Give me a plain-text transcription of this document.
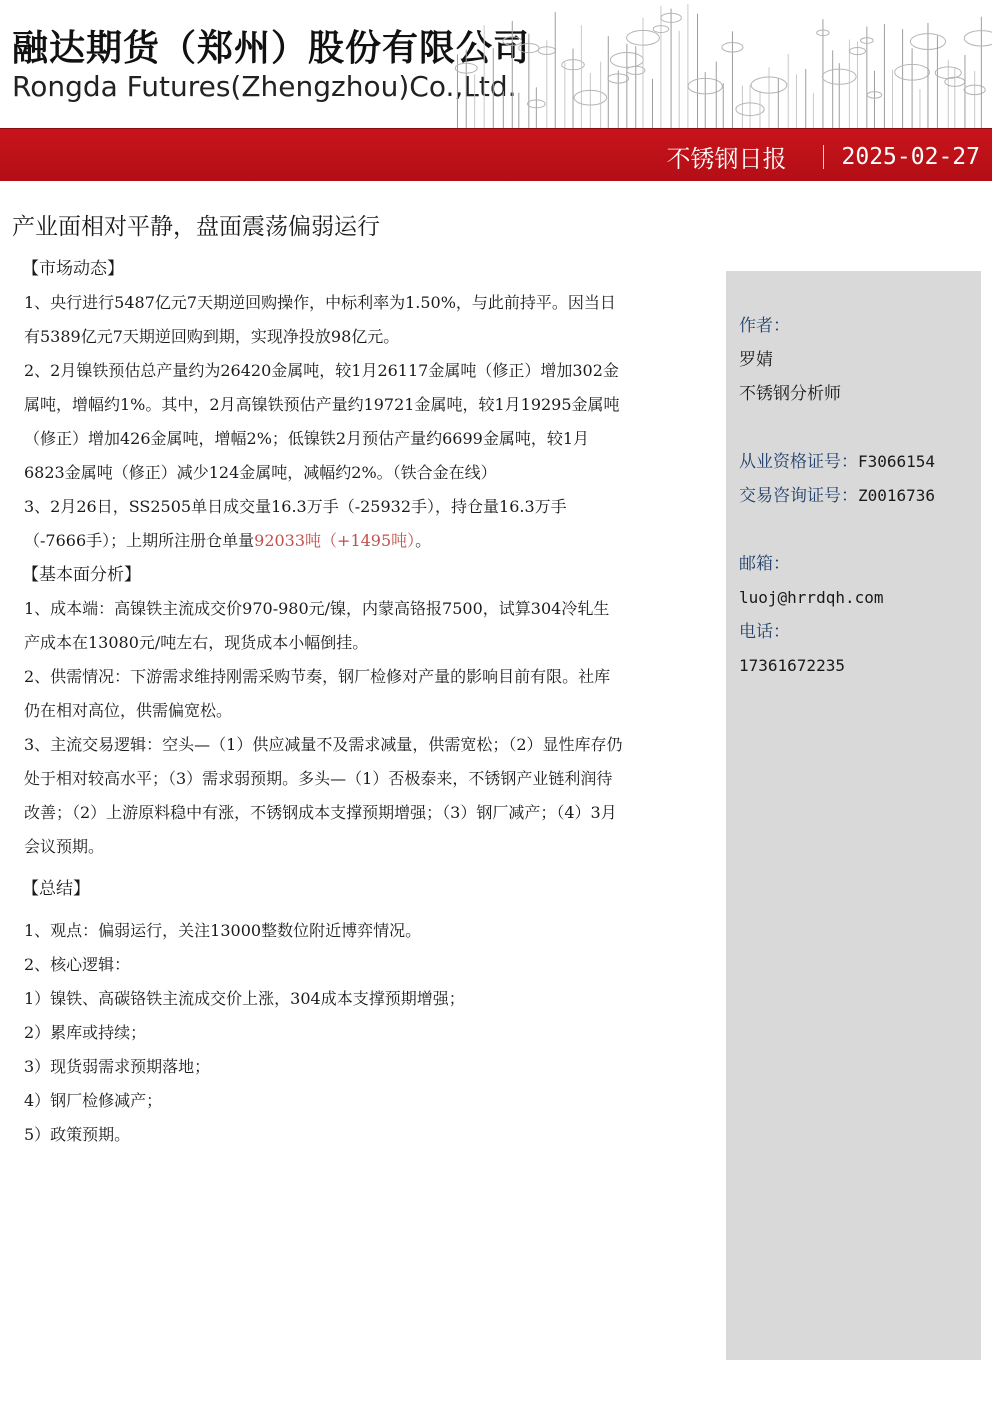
融达期货（郑州）股份有限公司
Rongda Futures(Zhengzhou)Co.,Ltd.
不锈钢日报 2025-02-27
产业面相对平静，盘面震荡偏弱运行
【市场动态】

1、央行进行5487亿元7天期逆回购操作，中标利率为1.50%，与此前持平。因当日有5389亿元7天期逆回购到期，实现净投放98亿元。

2、2月镍铁预估总产量约为26420金属吨，较1月26117金属吨（修正）增加302金属吨，增幅约1%。其中，2月高镍铁预估产量约19721金属吨，较1月19295金属吨（修正）增加426金属吨，增幅2%；低镍铁2月预估产量约6699金属吨，较1月6823金属吨（修正）减少124金属吨，减幅约2%。（铁合金在线）

3、2月26日，SS2505单日成交量16.3万手（-25932手），持仓量16.3万手（-7666手）；上期所注册仓单量92033吨（+1495吨）。

【基本面分析】

1、成本端：高镍铁主流成交价970-980元/镍，内蒙高铬报7500，试算304冷轧生产成本在13080元/吨左右，现货成本小幅倒挂。

2、供需情况：下游需求维持刚需采购节奏，钢厂检修对产量的影响目前有限。社库仍在相对高位，供需偏宽松。

3、主流交易逻辑：空头—（1）供应减量不及需求减量，供需宽松；（2）显性库存仍处于相对较高水平；（3）需求弱预期。多头—（1）否极泰来，不锈钢产业链利润待改善；（2）上游原料稳中有涨，不锈钢成本支撑预期增强；（3）钢厂减产；（4）3月会议预期。

【总结】

1、观点：偏弱运行，关注13000整数位附近博弈情况。

2、核心逻辑：

1）镍铁、高碳铬铁主流成交价上涨，304成本支撑预期增强；

2）累库或持续；

3）现货弱需求预期落地；

4）钢厂检修减产；

5）政策预期。

作者：
罗婧
不锈钢分析师
从业资格证号：F3066154
交易咨询证号：Z0016736
邮箱：
luoj@hrrdqh.com
电话：
17361672235
